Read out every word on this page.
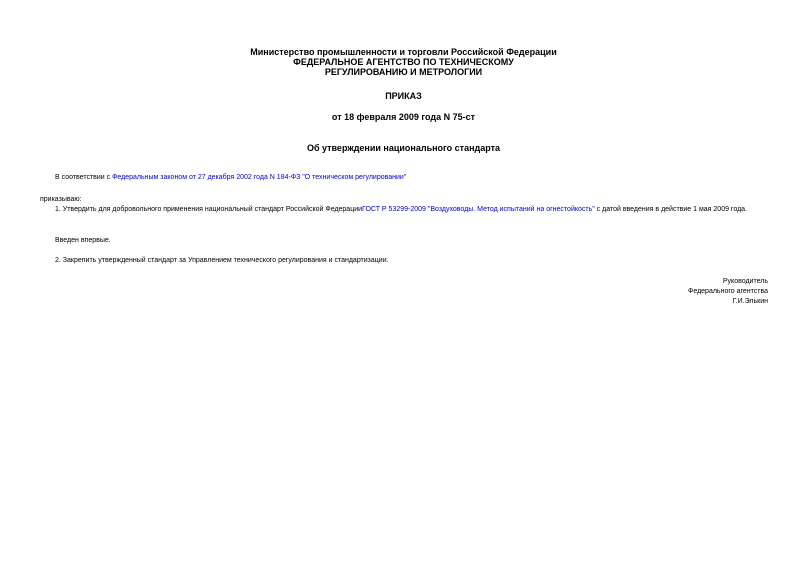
Министерство промышленности и торговли Российской Федерации
ФЕДЕРАЛЬНОЕ АГЕНТСТВО ПО ТЕХНИЧЕСКОМУ
РЕГУЛИРОВАНИЮ И МЕТРОЛОГИИ
ПРИКАЗ
от 18 февраля 2009 года N 75-ст
Об утверждении национального стандарта
В соответствии с Федеральным законом от 27 декабря 2002 года N 184-ФЗ "О техническом регулировании"
приказываю:
1. Утвердить для добровольного применения национальный стандарт Российской ФедерацииГОСТ Р 53299-2009 "Воздуховоды. Метод испытаний на огнестойкость" с датой введения в действие 1 мая 2009 года.
Введен впервые.
2. Закрепить утвержденный стандарт за Управлением технического регулирования и стандартизации.
Руководитель
Федерального агентства
Г.И.Элькин
